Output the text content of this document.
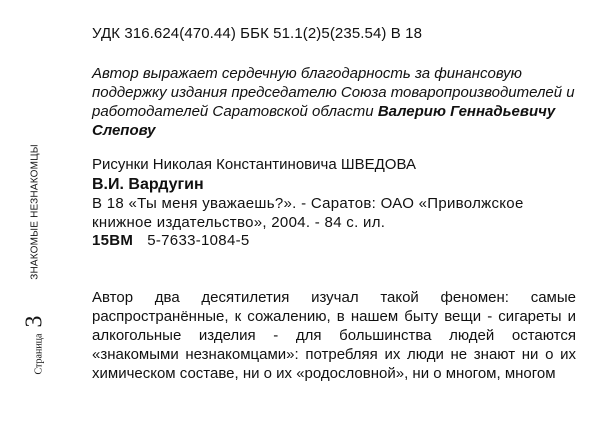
ЗНАКОМЫЕ НЕЗНАКОМЦЫ
Страница
3
УДК 316.624(470.44) ББК 51.1(2)5(235.54) В 18
Автор выражает сердечную благодарность за финансовую поддержку издания председателю Союза товаропроизводителей и работодателей Саратовской области Валерию Геннадьевичу Слепову
Рисунки Николая Константиновича ШВЕДОВА
В.И. Вардугин
В 18 «Ты меня уважаешь?». - Саратов: ОАО «Приволжское книжное издательство», 2004. - 84 с. ил.
15ВМ 5-7633-1084-5
Автор два десятилетия изучал такой феномен: самые распространённые, к сожалению, в нашем быту вещи - сигареты и алкогольные изделия - для большинства людей остаются «знакомыми незнакомцами»: потребляя их люди не знают ни о их химическом составе, ни о их «родословной», ни о многом, многом
